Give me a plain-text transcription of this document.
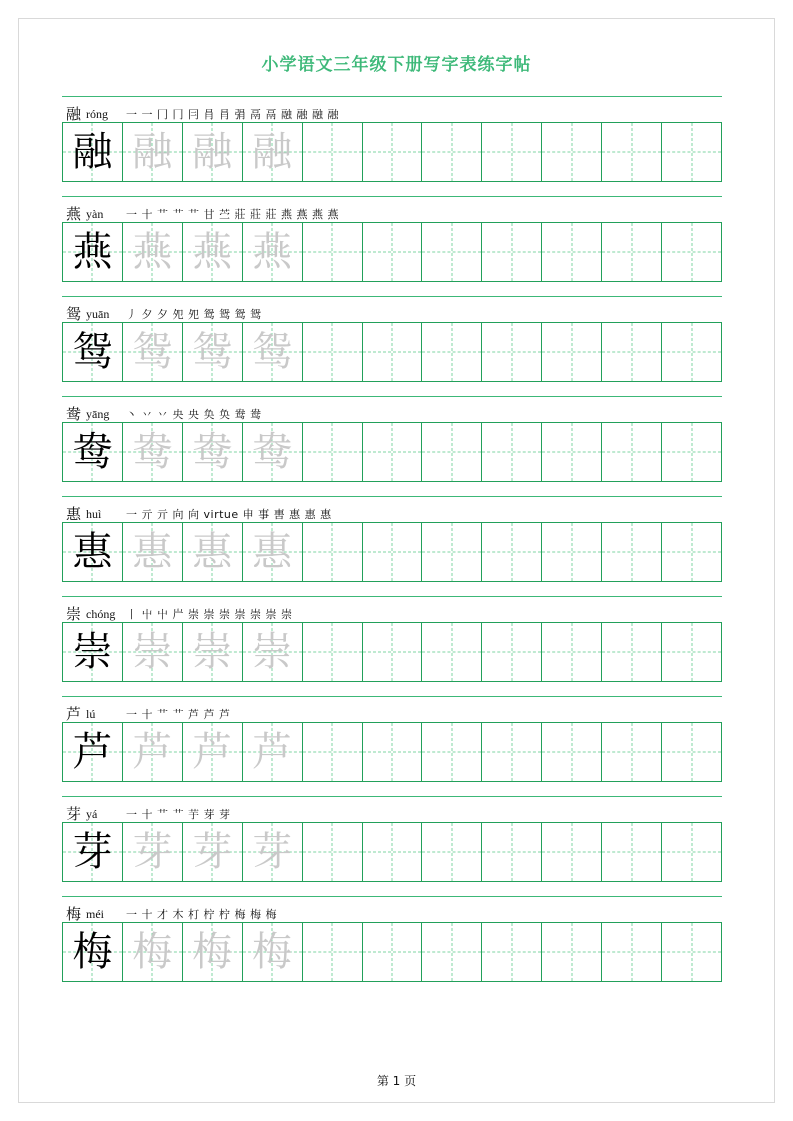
小学语文三年级下册写字表练字帖
融 róng	一 一 冂 冂 冃 肙 肙 弲 鬲 鬲 融 融 融 融
融 融 融 融
燕 yàn	一 十 艹 艹 艹 甘 苎 莊 莊 莊 燕 燕 燕 燕
燕 燕 燕 燕
鸳 yuān	丿 夕 夕 夗 夗 鸳 鸳 鸳 鸳
鸳 鸳 鸳 鸳
鸯 yāng	丶 丷 丷 央 央 奂 奂 鸯 鸯
鸯 鸯 鸯 鸯
惠 huì	一 亓 亓 向 向 virtue 申 事 軎 惠 惠 惠
惠 惠 惠 惠
崇 chóng 丨 屮 屮 屵 崇 崇 崇 崇 崇 崇 崇
崇 崇 崇 崇
芦 lú	一 十 艹 艹 芦 芦 芦
芦 芦 芦 芦
芽 yá	一 十 艹 艹 芋 芽 芽
芽 芽 芽 芽
梅 méi	一 十 才 木 朾 柠 柠 梅 梅 梅
梅 梅 梅 梅
第 1 页
